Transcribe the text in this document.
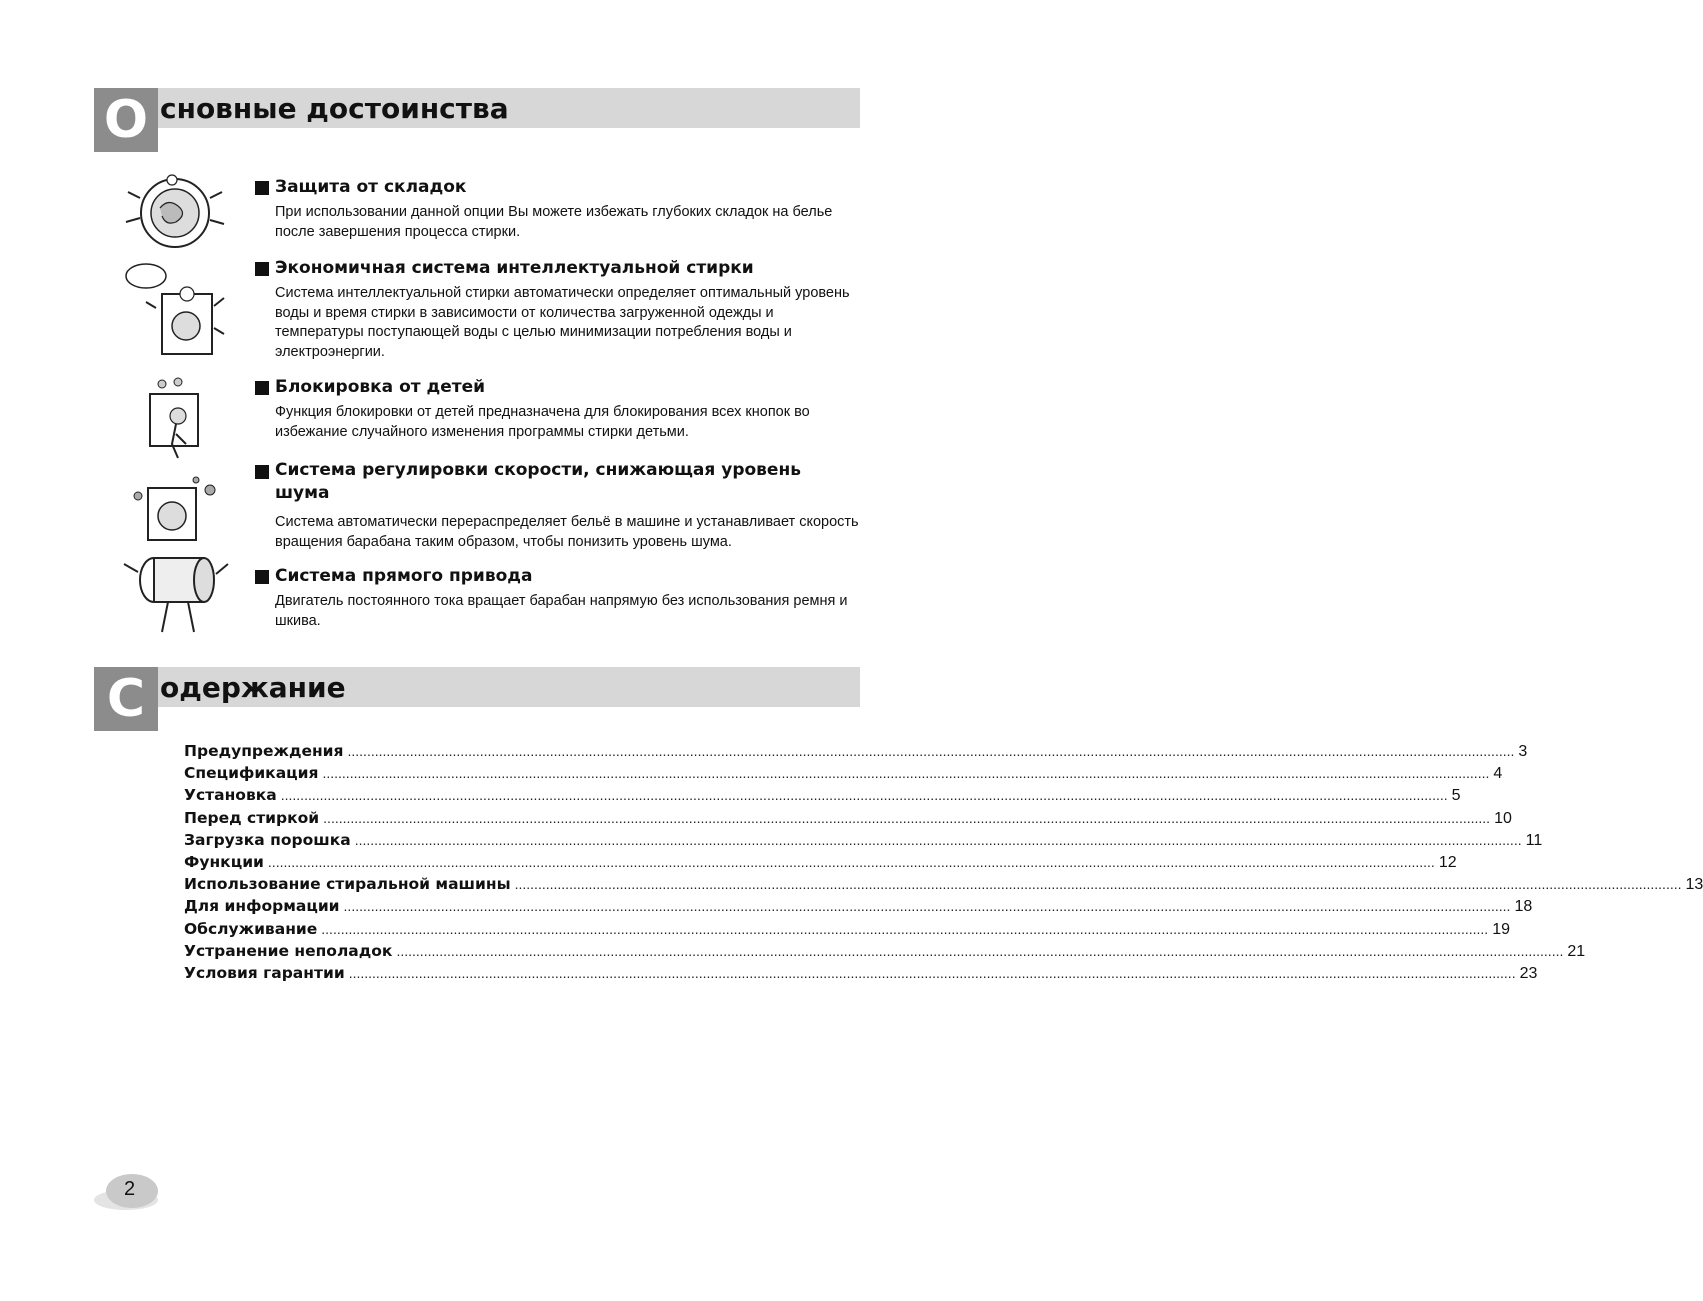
О сновные достоинства
Защита от складок
При использовании данной опции Вы можете избежать глубоких складок на белье после завершения процесса стирки.
Экономичная система интеллектуальной стирки
Система интеллектуальной стирки автоматически определяет оптимальный уровень воды и время стирки в зависимости от количества загруженной одежды и температуры поступающей воды с целью минимизации потребления воды и электроэнергии.
Блокировка от детей
Функция блокировки от детей предназначена для блокирования всех кнопок во избежание случайного изменения программы стирки детьми.
Система регулировки скорости, снижающая уровень шума
Система автоматически перераспределяет бельё в машине и устанавливает скорость вращения барабана таким образом, чтобы понизить уровень шума.
Система прямого привода
Двигатель постоянного тока вращает барабан напрямую без использования ремня и шкива.
С одержание
Предупреждения ............................................................................................................................................................................................................................................................................................................ 3
Спецификация ............................................................................................................................................................................................................................................................................................................ 4
Установка ............................................................................................................................................................................................................................................................................................................ 5
Перед стиркой ............................................................................................................................................................................................................................................................................................................ 10
Загрузка порошка ............................................................................................................................................................................................................................................................................................................ 11
Функции ............................................................................................................................................................................................................................................................................................................ 12
Использование стиральной машины ............................................................................................................................................................................................................................................................................................................ 13
Для информации ............................................................................................................................................................................................................................................................................................................ 18
Обслуживание ............................................................................................................................................................................................................................................................................................................ 19
Устранение неполадок ............................................................................................................................................................................................................................................................................................................ 21
Условия гарантии ............................................................................................................................................................................................................................................................................................................ 23
2
